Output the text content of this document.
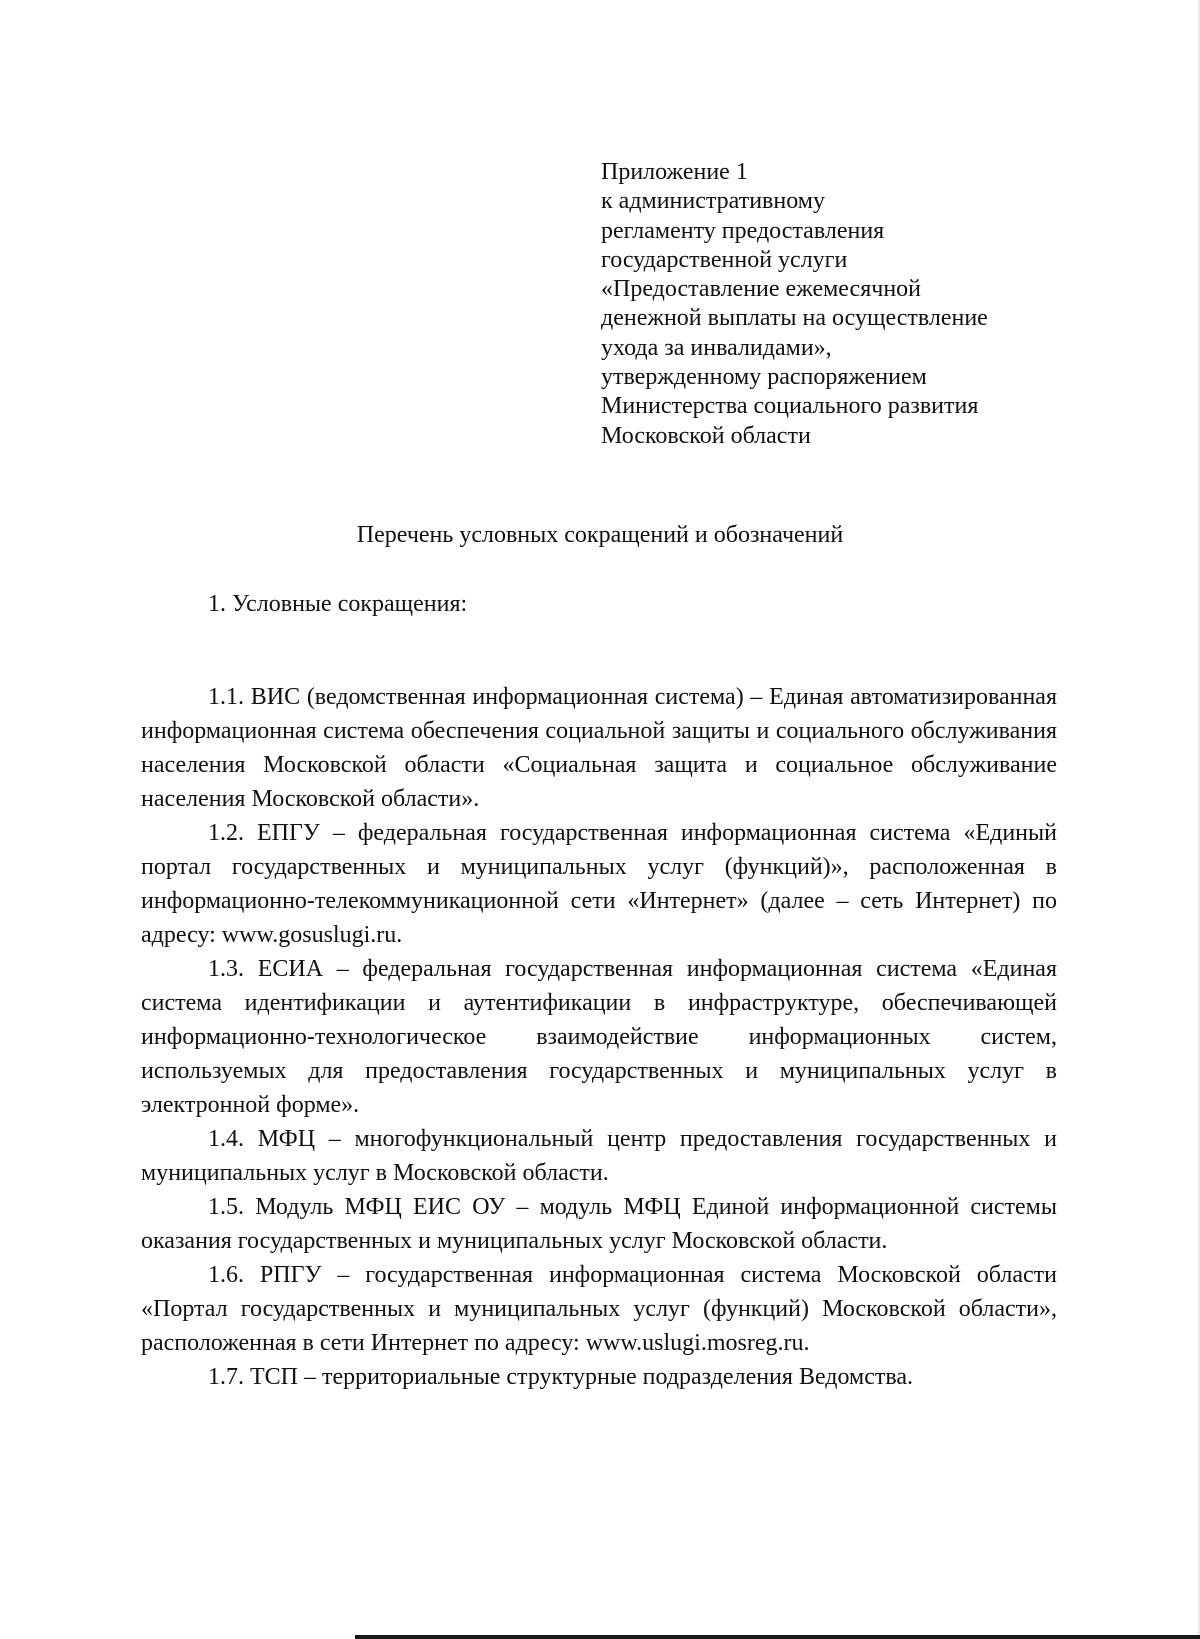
Приложение 1
к административному
регламенту предоставления
государственной услуги
«Предоставление ежемесячной
денежной выплаты на осуществление
ухода за инвалидами»,
утвержденному распоряжением
Министерства социального развития
Московской области
Перечень условных сокращений и обозначений
1. Условные сокращения:

1.1. ВИС (ведомственная информационная система) – Единая автоматизированная информационная система обеспечения социальной защиты и социального обслуживания населения Московской области «Социальная защита и социальное обслуживание населения Московской области».

1.2. ЕПГУ – федеральная государственная информационная система «Единый портал государственных и муниципальных услуг (функций)», расположенная в информационно-телекоммуникационной сети «Интернет» (далее – сеть Интернет) по адресу: www.gosuslugi.ru.

1.3. ЕСИА – федеральная государственная информационная система «Единая система идентификации и аутентификации в инфраструктуре, обеспечивающей информационно-технологическое взаимодействие информационных систем, используемых для предоставления государственных и муниципальных услуг в электронной форме».

1.4. МФЦ – многофункциональный центр предоставления государственных и муниципальных услуг в Московской области.

1.5. Модуль МФЦ ЕИС ОУ – модуль МФЦ Единой информационной системы оказания государственных и муниципальных услуг Московской области.

1.6. РПГУ – государственная информационная система Московской области «Портал государственных и муниципальных услуг (функций) Московской области», расположенная в сети Интернет по адресу: www.uslugi.mosreg.ru.

1.7. ТСП – территориальные структурные подразделения Ведомства.
